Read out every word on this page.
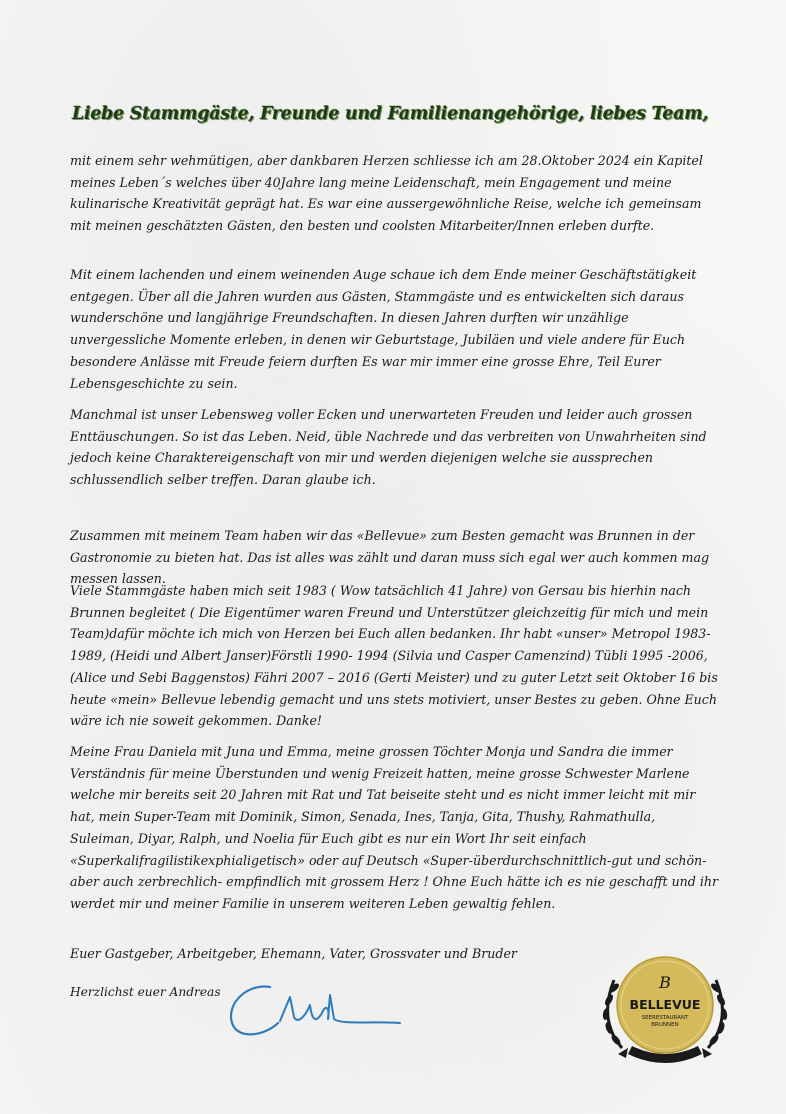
Liebe Stammgäste, Freunde und Familienangehörige, liebes Team,
mit einem sehr wehmütigen, aber dankbaren Herzen schliesse ich am 28.Oktober 2024 ein Kapitel meines Leben´s welches über 40Jahre lang meine Leidenschaft, mein Engagement und meine kulinarische Kreativität geprägt hat. Es war eine aussergewöhnliche Reise, welche ich gemeinsam mit meinen geschätzten Gästen, den besten und coolsten Mitarbeiter/Innen erleben durfte.
Mit einem lachenden und einem weinenden Auge schaue ich dem Ende meiner Geschäftstätigkeit entgegen. Über all die Jahren wurden aus Gästen, Stammgäste und es entwickelten sich daraus wunderschöne und langjährige Freundschaften. In diesen Jahren durften wir unzählige unvergessliche Momente erleben, in denen wir Geburtstage, Jubiläen und viele andere für Euch besondere Anlässe mit Freude feiern durften Es war mir immer eine grosse Ehre, Teil Eurer Lebensgeschichte zu sein.
Manchmal ist unser Lebensweg voller Ecken und unerwarteten Freuden und leider auch grossen Enttäuschungen. So ist das Leben. Neid, üble Nachrede und das verbreiten von Unwahrheiten sind jedoch keine Charaktereigenschaft von mir und werden diejenigen welche sie aussprechen schlussendlich selber treffen. Daran glaube ich.
Zusammen mit meinem Team haben wir das «Bellevue» zum Besten gemacht was Brunnen in der Gastronomie zu bieten hat. Das ist alles was zählt und daran muss sich egal wer auch kommen mag messen lassen.
Viele Stammgäste haben mich seit 1983 ( Wow tatsächlich 41 Jahre) von Gersau bis hierhin nach Brunnen begleitet ( Die Eigentümer waren Freund und Unterstützer gleichzeitig für mich und mein Team)dafür möchte ich mich von Herzen bei Euch allen bedanken. Ihr habt «unser» Metropol 1983-1989, (Heidi und Albert Janser)Förstli 1990- 1994 (Silvia und Casper Camenzind) Tübli 1995 -2006, (Alice und Sebi Baggenstos) Fähri 2007 – 2016 (Gerti Meister) und zu guter Letzt seit Oktober 16 bis heute «mein» Bellevue lebendig gemacht und uns stets motiviert, unser Bestes zu geben. Ohne Euch wäre ich nie soweit gekommen. Danke!
Meine Frau Daniela mit Juna und Emma, meine grossen Töchter Monja und Sandra die immer Verständnis für meine Überstunden und wenig Freizeit hatten, meine grosse Schwester Marlene welche mir bereits seit 20 Jahren mit Rat und Tat beiseite steht und es nicht immer leicht mit mir hat, mein Super-Team mit Dominik, Simon, Senada, Ines, Tanja, Gita, Thushy, Rahmathulla, Suleiman, Diyar, Ralph, und Noelia für Euch gibt es nur ein Wort Ihr seit einfach «Superkalifragilistikexphialigetisch» oder auf Deutsch «Super-überdurchschnittlich-gut und schön- aber auch zerbrechlich- empfindlich mit grossem Herz ! Ohne Euch hätte ich es nie geschafft und ihr werdet mir und meiner Familie in unserem weiteren Leben gewaltig fehlen.
Euer Gastgeber, Arbeitgeber, Ehemann, Vater, Grossvater und Bruder
Herzlichst euer Andreas	B
BELLEVUE
SEERESTAURANT
BRUNNEN
